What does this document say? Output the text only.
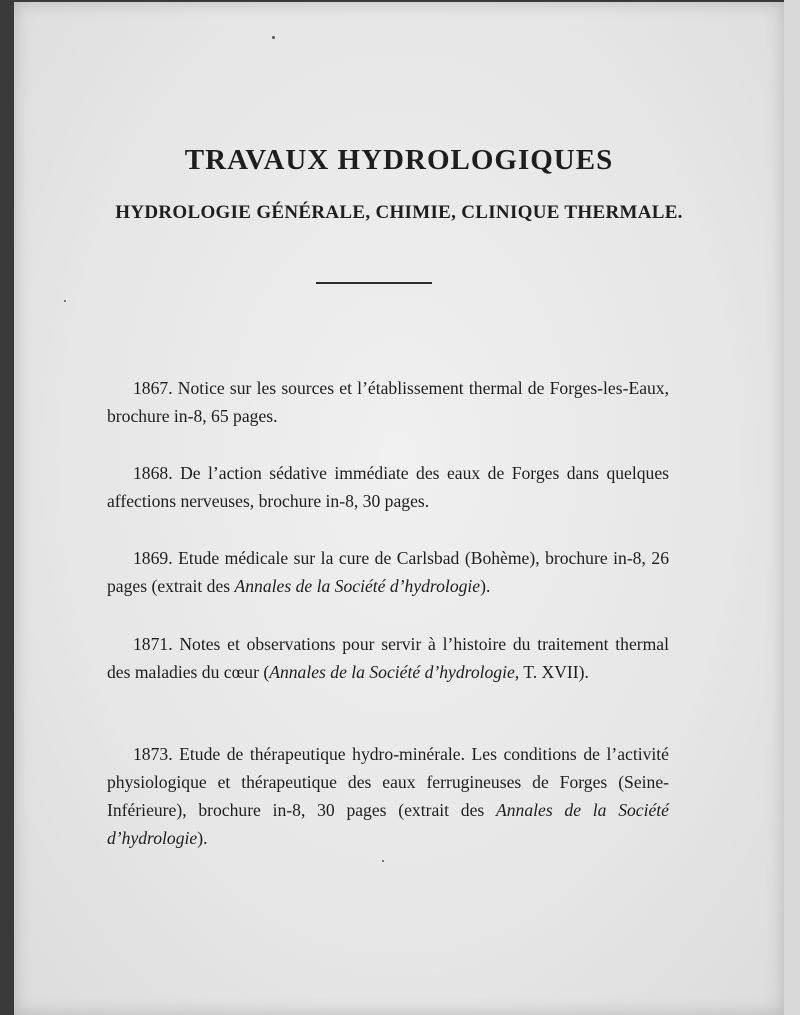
TRAVAUX HYDROLOGIQUES
HYDROLOGIE GÉNÉRALE, CHIMIE, CLINIQUE THERMALE.

1867. Notice sur les sources et l’établissement thermal de Forges-les-Eaux, brochure in-8, 65 pages.

1868. De l’action sédative immédiate des eaux de Forges dans quelques affections nerveuses, brochure in-8, 30 pages.

1869. Etude médicale sur la cure de Carlsbad (Bohème), brochure in-8, 26 pages (extrait des Annales de la Société d’hydrologie).

1871. Notes et observations pour servir à l’histoire du traitement thermal des maladies du cœur (Annales de la Société d’hydrologie, T. XVII).

1873. Etude de thérapeutique hydro-minérale. Les conditions de l’activité physiologique et thérapeutique des eaux ferrugineuses de Forges (Seine-Inférieure), brochure in-8, 30 pages (extrait des Annales de la Société d’hydrologie).
